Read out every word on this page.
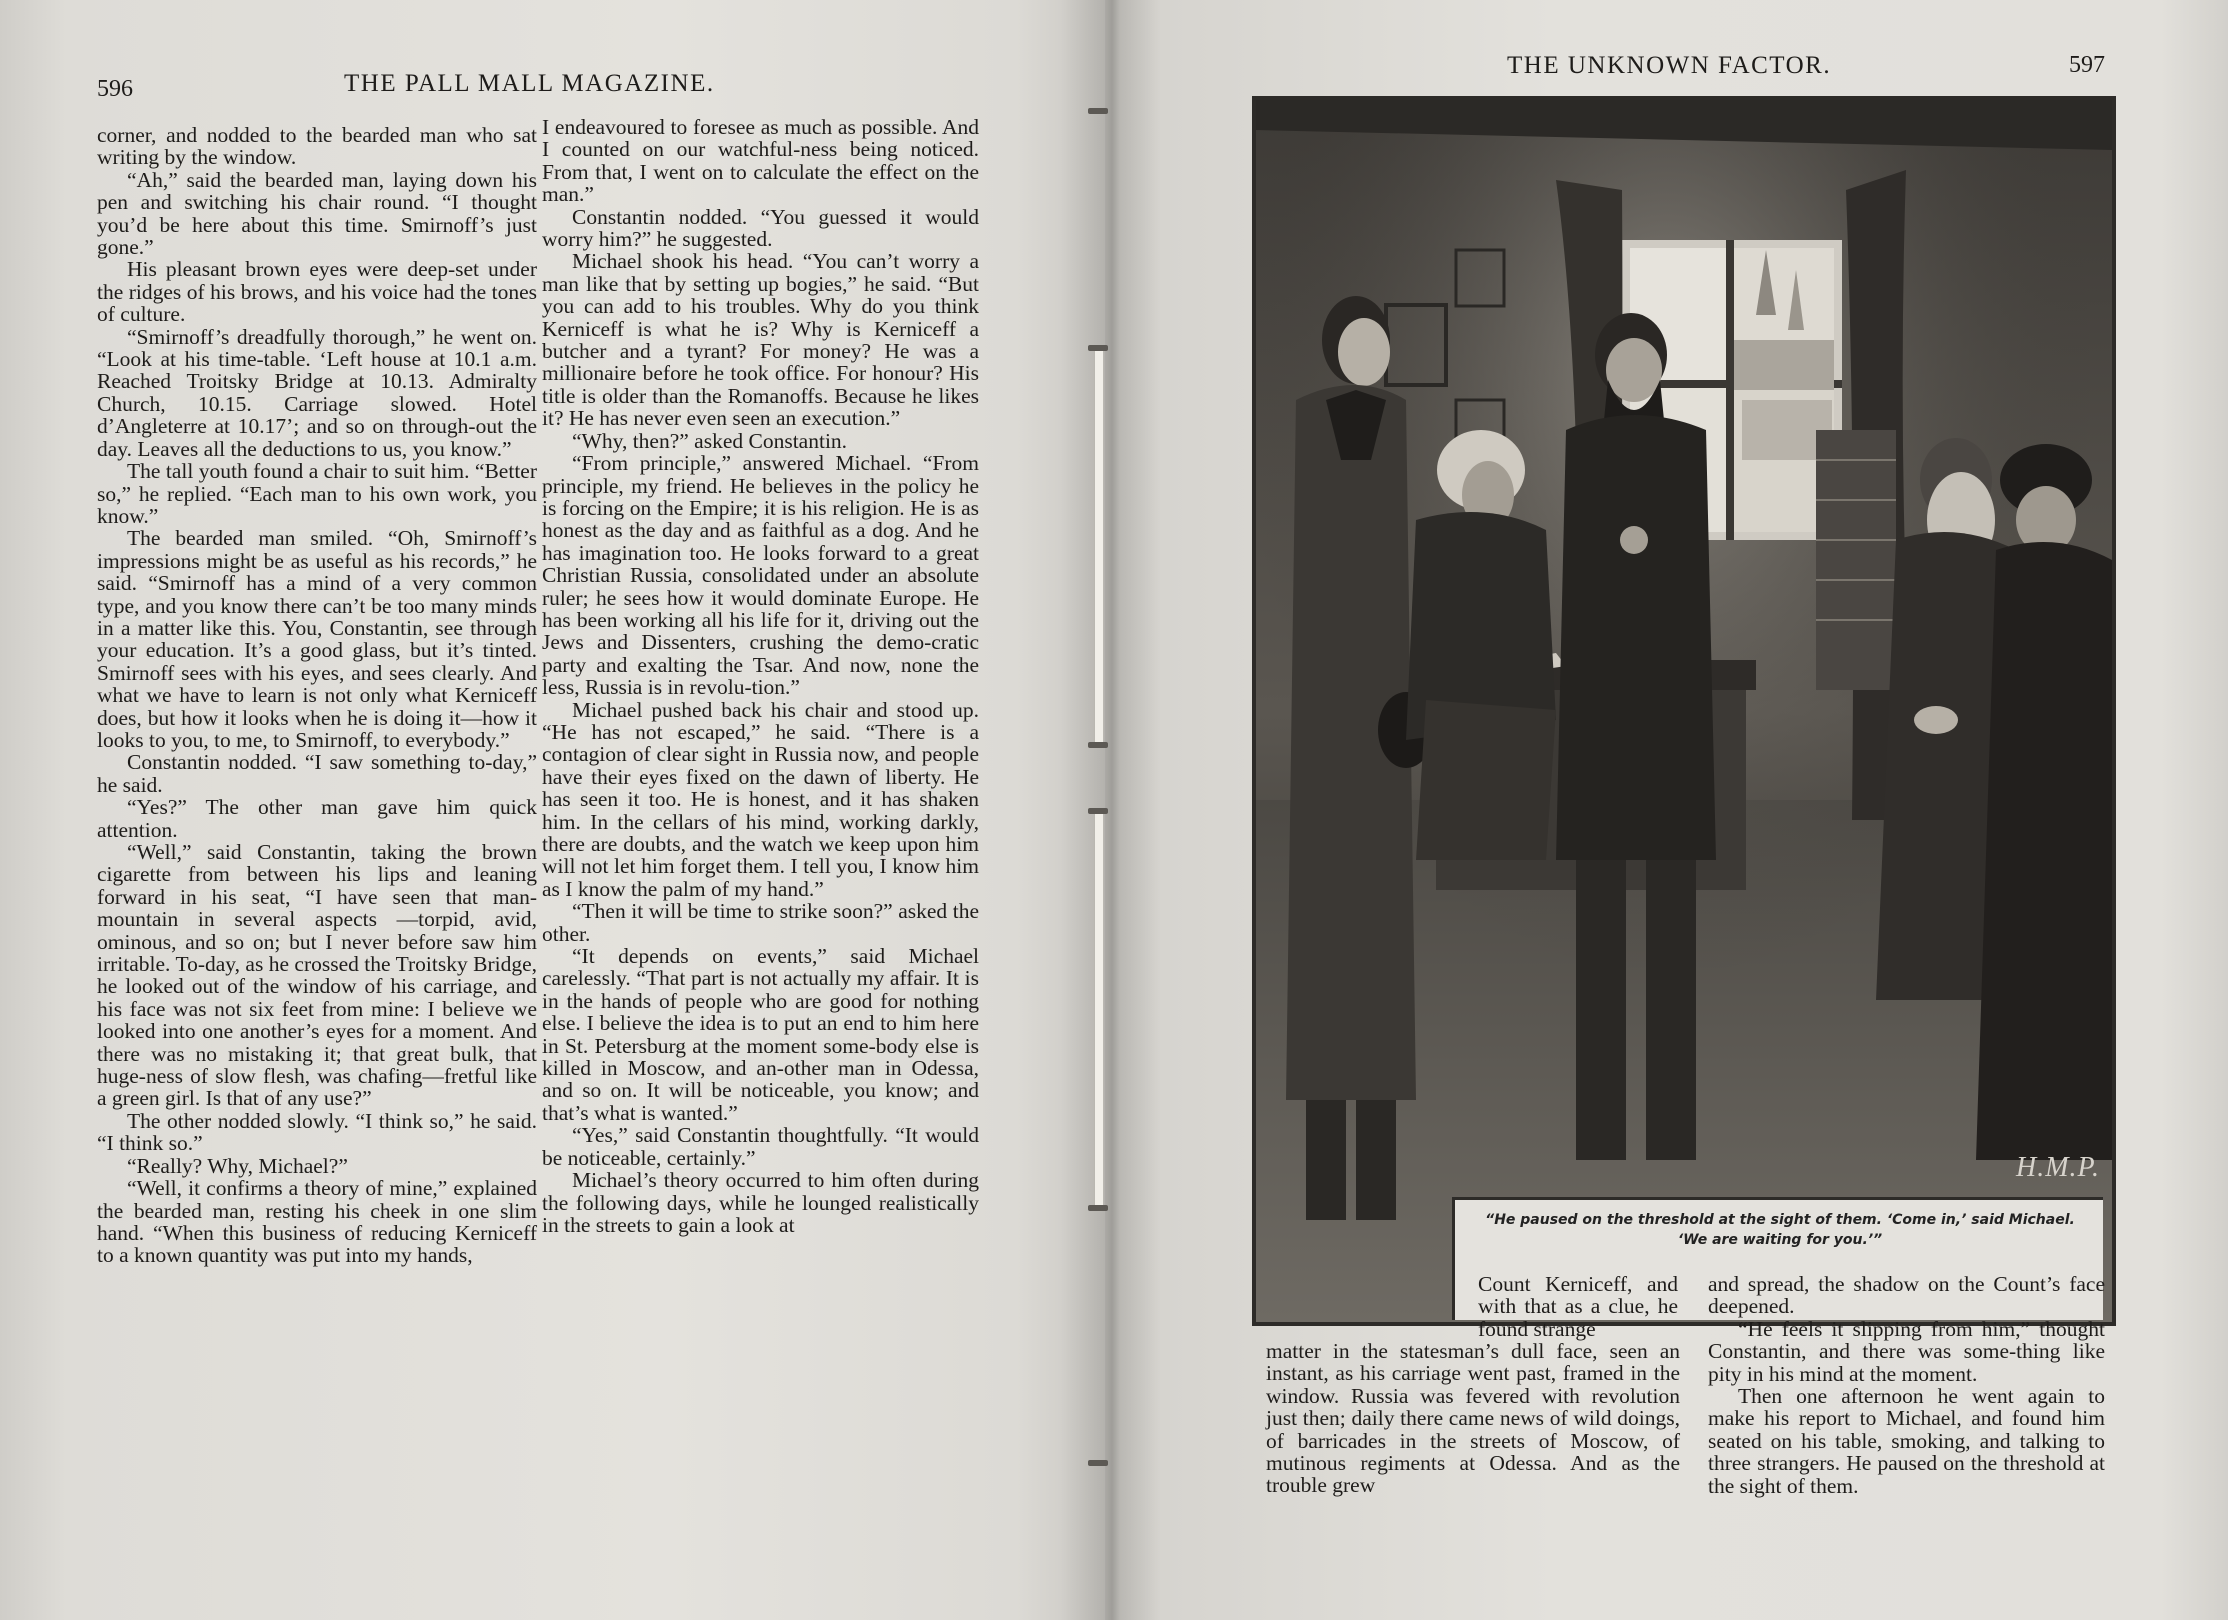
596	THE PALL MALL MAGAZINE.

corner, and nodded to the bearded man who sat writing by the window.

“Ah,” said the bearded man, laying down his pen and switching his chair round. “I thought you’d be here about this time. Smirnoff’s just gone.”

His pleasant brown eyes were deep-set under the ridges of his brows, and his voice had the tones of culture.

“Smirnoff’s dreadfully thorough,” he went on. “Look at his time-table. ‘Left house at 10.1 a.m. Reached Troitsky Bridge at 10.13. Admiralty Church, 10.15. Carriage slowed. Hotel d’Angleterre at 10.17’; and so on through-out the day. Leaves all the deductions to us, you know.”

The tall youth found a chair to suit him. “Better so,” he replied. “Each man to his own work, you know.”

The bearded man smiled. “Oh, Smirnoff’s impressions might be as useful as his records,” he said. “Smirnoff has a mind of a very common type, and you know there can’t be too many minds in a matter like this. You, Constantin, see through your education. It’s a good glass, but it’s tinted. Smirnoff sees with his eyes, and sees clearly. And what we have to learn is not only what Kerniceff does, but how it looks when he is doing it—how it looks to you, to me, to Smirnoff, to everybody.”

Constantin nodded. “I saw something to-day,” he said.

“Yes?” The other man gave him quick attention.

“Well,” said Constantin, taking the brown cigarette from between his lips and leaning forward in his seat, “I have seen that man-mountain in several aspects —torpid, avid, ominous, and so on; but I never before saw him irritable. To-day, as he crossed the Troitsky Bridge, he looked out of the window of his carriage, and his face was not six feet from mine: I believe we looked into one another’s eyes for a moment. And there was no mistaking it; that great bulk, that huge-ness of slow flesh, was chafing—fretful like a green girl. Is that of any use?”

The other nodded slowly. “I think so,” he said. “I think so.”

“Really? Why, Michael?”

“Well, it confirms a theory of mine,” explained the bearded man, resting his cheek in one slim hand. “When this business of reducing Kerniceff to a known quantity was put into my hands,

I endeavoured to foresee as much as possible. And I counted on our watchful-ness being noticed. From that, I went on to calculate the effect on the man.”

Constantin nodded. “You guessed it would worry him?” he suggested.

Michael shook his head. “You can’t worry a man like that by setting up bogies,” he said. “But you can add to his troubles. Why do you think Kerniceff is what he is? Why is Kerniceff a butcher and a tyrant? For money? He was a millionaire before he took office. For honour? His title is older than the Romanoffs. Because he likes it? He has never even seen an execution.”

“Why, then?” asked Constantin.

“From principle,” answered Michael. “From principle, my friend. He believes in the policy he is forcing on the Empire; it is his religion. He is as honest as the day and as faithful as a dog. And he has imagination too. He looks forward to a great Christian Russia, consolidated under an absolute ruler; he sees how it would dominate Europe. He has been working all his life for it, driving out the Jews and Dissenters, crushing the demo-cratic party and exalting the Tsar. And now, none the less, Russia is in revolu-tion.”

Michael pushed back his chair and stood up. “He has not escaped,” he said. “There is a contagion of clear sight in Russia now, and people have their eyes fixed on the dawn of liberty. He has seen it too. He is honest, and it has shaken him. In the cellars of his mind, working darkly, there are doubts, and the watch we keep upon him will not let him forget them. I tell you, I know him as I know the palm of my hand.”

“Then it will be time to strike soon?” asked the other.

“It depends on events,” said Michael carelessly. “That part is not actually my affair. It is in the hands of people who are good for nothing else. I believe the idea is to put an end to him here in St. Petersburg at the moment some-body else is killed in Moscow, and an-other man in Odessa, and so on. It will be noticeable, you know; and that’s what is wanted.”

“Yes,” said Constantin thoughtfully. “It would be noticeable, certainly.”

Michael’s theory occurred to him often during the following days, while he lounged realistically in the streets to gain a look at

THE UNKNOWN FACTOR.	597
H.M.P.
“He paused on the threshold at the sight of them. ‘Come in,’ said Michael.
‘We are waiting for you.’”

Count Kerniceff, and with that as a clue, he found strange

matter in the statesman’s dull face, seen an instant, as his carriage went past, framed in the window. Russia was fevered with revolution just then; daily there came news of wild doings, of barricades in the streets of Moscow, of mutinous regiments at Odessa. And as the trouble grew

and spread, the shadow on the Count’s face deepened.

“He feels it slipping from him,” thought Constantin, and there was some-thing like pity in his mind at the moment.

Then one afternoon he went again to make his report to Michael, and found him seated on his table, smoking, and talking to three strangers. He paused on the threshold at the sight of them.
